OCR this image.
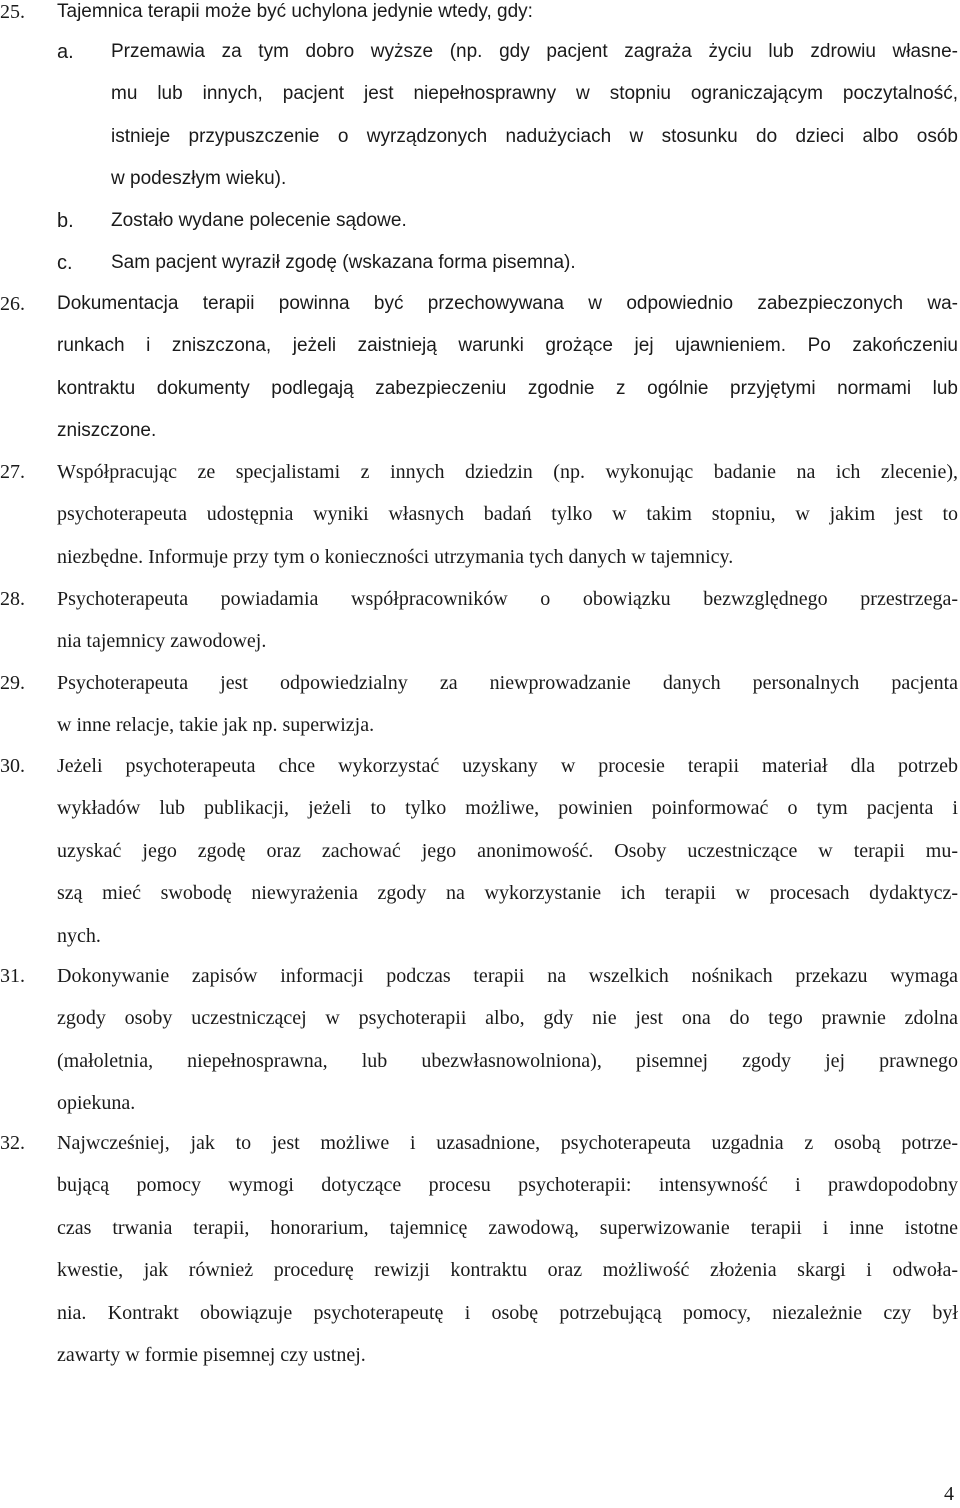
25. Tajemnica terapii może być uchylona jedynie wtedy, gdy:
a. Przemawia za tym dobro wyższe (np. gdy pacjent zagraża życiu lub zdrowiu własne-
mu lub innych, pacjent jest niepełnosprawny w stopniu ograniczającym poczytalność,
istnieje przypuszczenie o wyrządzonych nadużyciach w stosunku do dzieci albo osób
w podeszłym wieku).
b. Zostało wydane polecenie sądowe.
c. Sam pacjent wyraził zgodę (wskazana forma pisemna).
26. Dokumentacja terapii powinna być przechowywana w odpowiednio zabezpieczonych wa-
runkach i zniszczona, jeżeli zaistnieją warunki grożące jej ujawnieniem. Po zakończeniu
kontraktu dokumenty podlegają zabezpieczeniu zgodnie z ogólnie przyjętymi normami lub
zniszczone.
27. Współpracując ze specjalistami z innych dziedzin (np. wykonując badanie na ich zlecenie),
psychoterapeuta udostępnia wyniki własnych badań tylko w takim stopniu, w jakim jest to
niezbędne. Informuje przy tym o konieczności utrzymania tych danych w tajemnicy.
28. Psychoterapeuta powiadamia współpracowników o obowiązku bezwzględnego przestrzega-
nia tajemnicy zawodowej.
29. Psychoterapeuta jest odpowiedzialny za niewprowadzanie danych personalnych pacjenta
w inne relacje, takie jak np. superwizja.
30. Jeżeli psychoterapeuta chce wykorzystać uzyskany w procesie terapii materiał dla potrzeb
wykładów lub publikacji, jeżeli to tylko możliwe, powinien poinformować o tym pacjenta i
uzyskać jego zgodę oraz zachować jego anonimowość. Osoby uczestniczące w terapii mu-
szą mieć swobodę niewyrażenia zgody na wykorzystanie ich terapii w procesach dydaktycz-
nych.
31. Dokonywanie zapisów informacji podczas terapii na wszelkich nośnikach przekazu wymaga
zgody osoby uczestniczącej w psychoterapii albo, gdy nie jest ona do tego prawnie zdolna
(małoletnia, niepełnosprawna, lub ubezwłasnowolniona), pisemnej zgody jej prawnego
opiekuna.
32. Najwcześniej, jak to jest możliwe i uzasadnione, psychoterapeuta uzgadnia z osobą potrze-
bującą pomocy wymogi dotyczące procesu psychoterapii: intensywność i prawdopodobny
czas trwania terapii, honorarium, tajemnicę zawodową, superwizowanie terapii i inne istotne
kwestie, jak również procedurę rewizji kontraktu oraz możliwość złożenia skargi i odwoła-
nia. Kontrakt obowiązuje psychoterapeutę i osobę potrzebującą pomocy, niezależnie czy był
zawarty w formie pisemnej czy ustnej.
4
